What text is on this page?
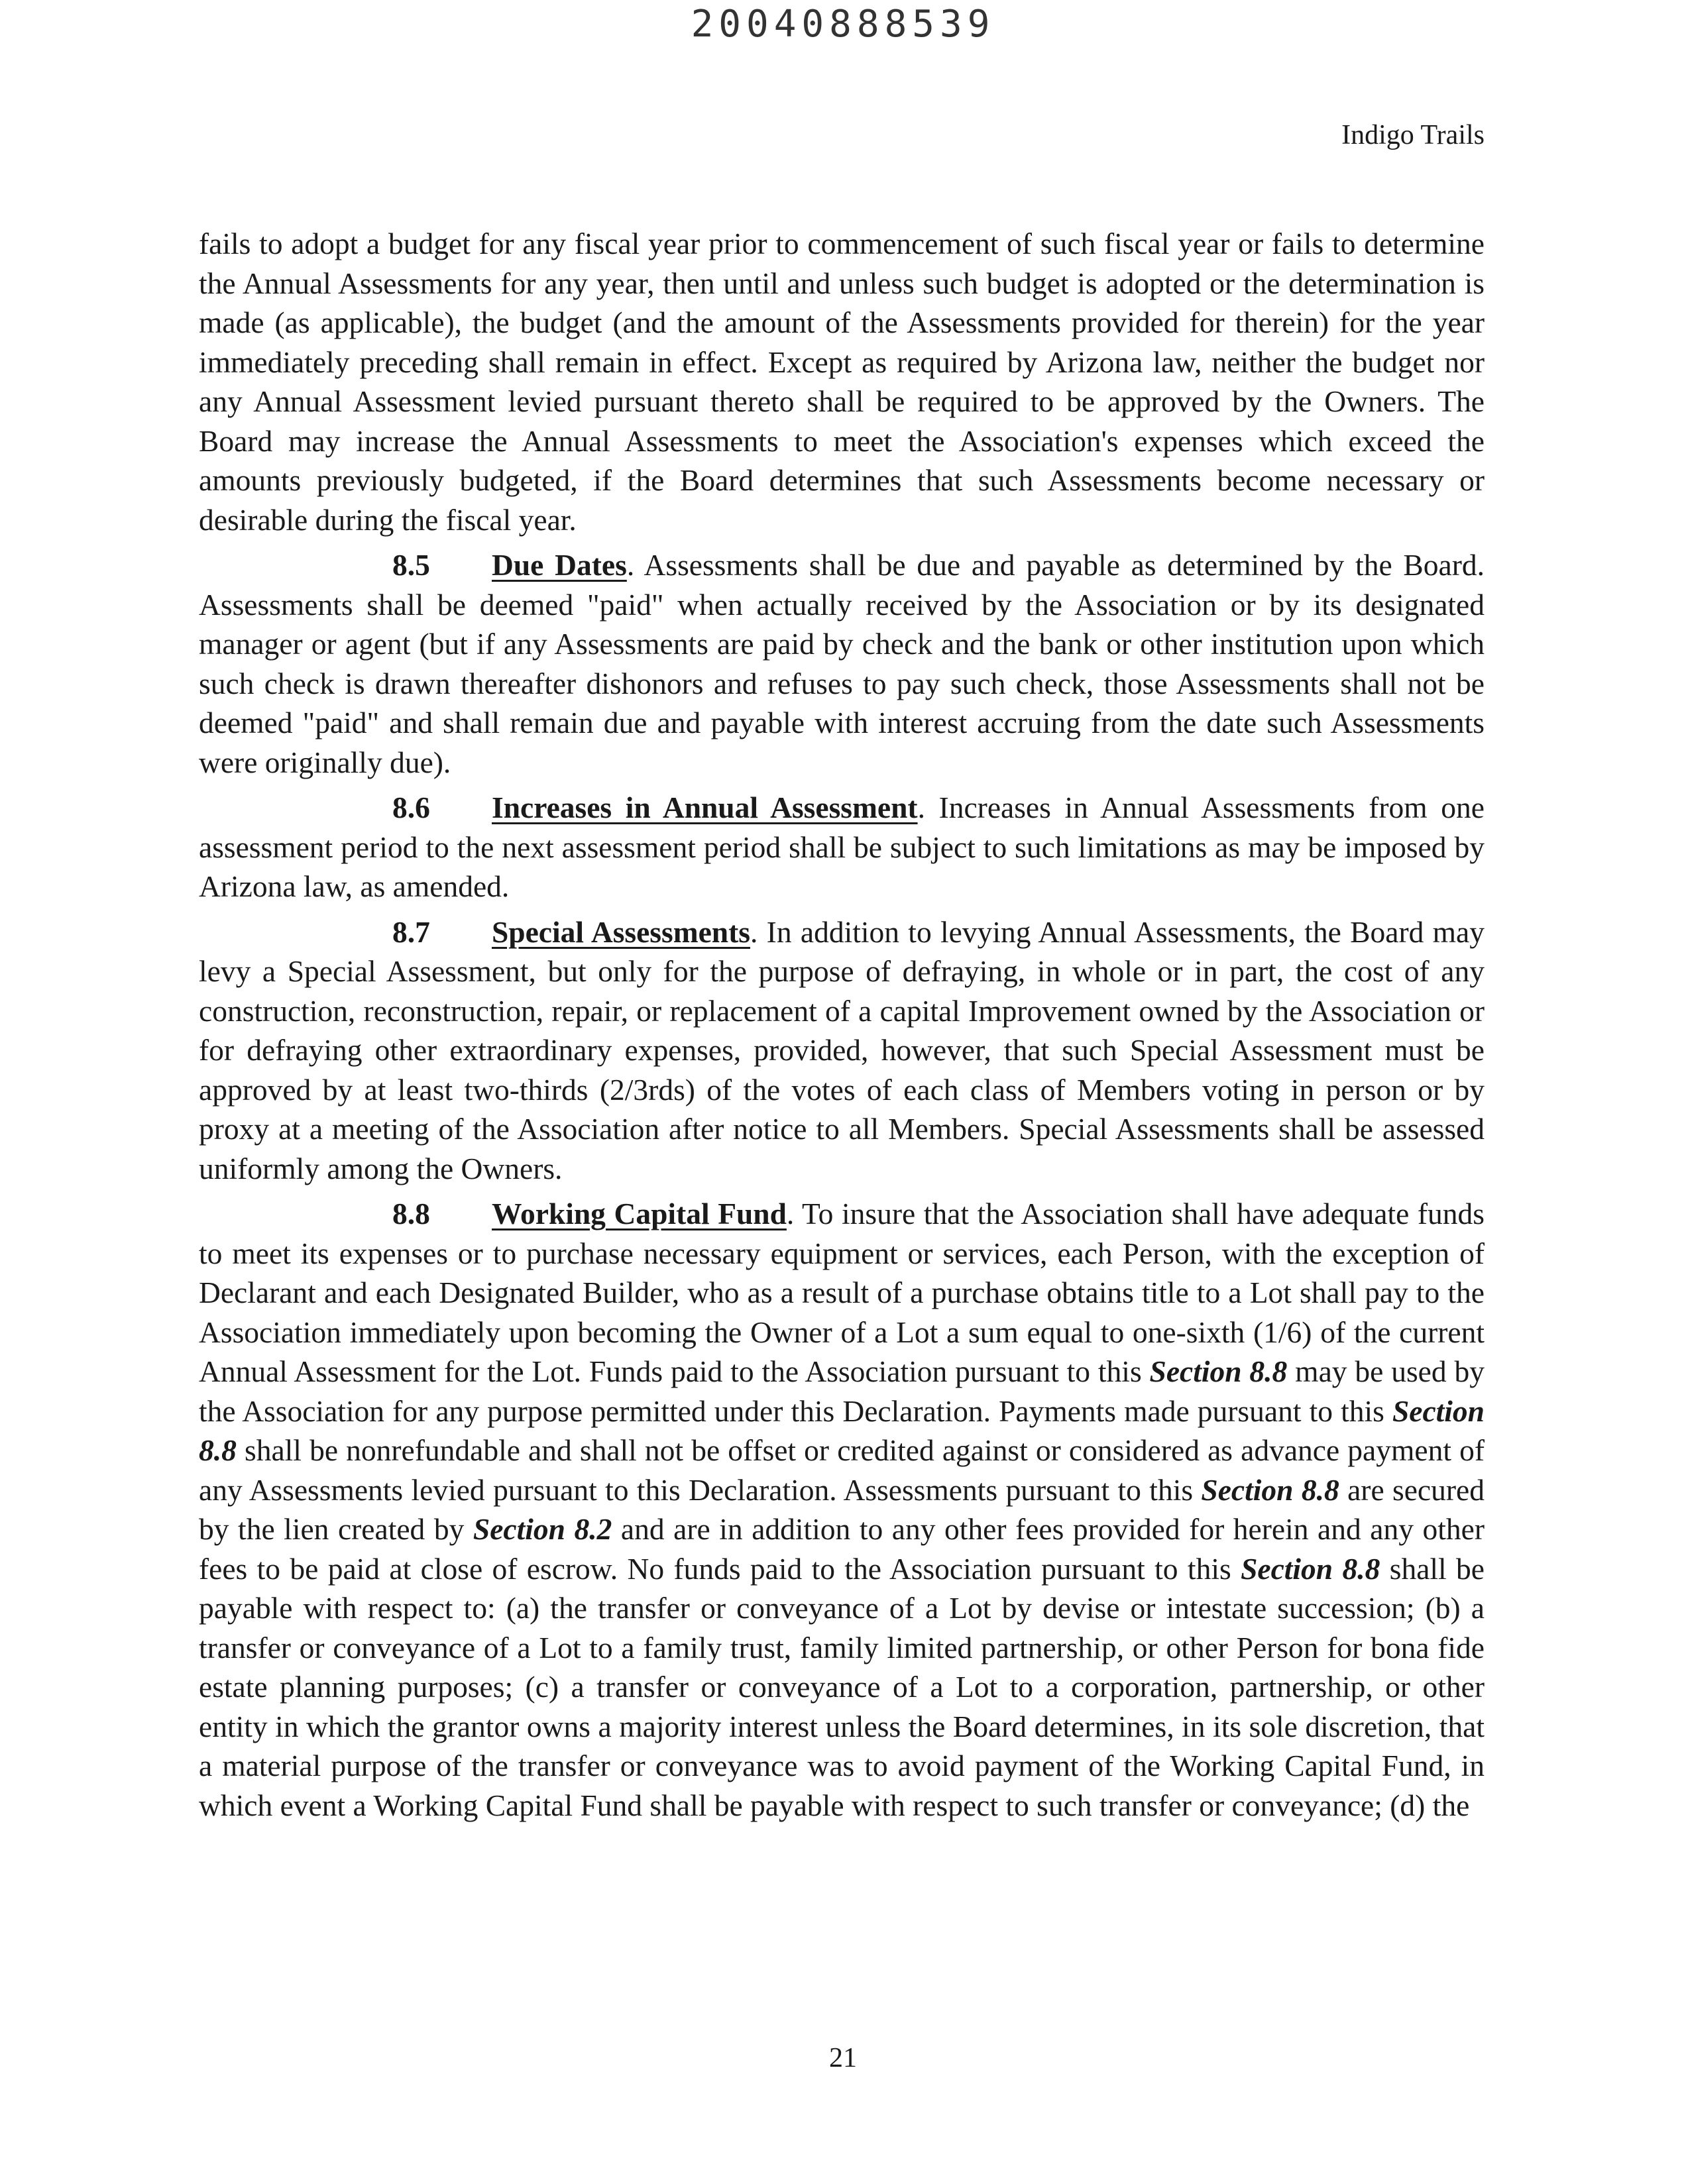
20040888539
Indigo Trails

fails to adopt a budget for any fiscal year prior to commencement of such fiscal year or fails to determine the Annual Assessments for any year, then until and unless such budget is adopted or the determination is made (as applicable), the budget (and the amount of the Assessments provided for therein) for the year immediately preceding shall remain in effect. Except as required by Arizona law, neither the budget nor any Annual Assessment levied pursuant thereto shall be required to be approved by the Owners. The Board may increase the Annual Assessments to meet the Association's expenses which exceed the amounts previously budgeted, if the Board determines that such Assessments become necessary or desirable during the fiscal year.

8.5 Due Dates. Assessments shall be due and payable as determined by the Board. Assessments shall be deemed "paid" when actually received by the Association or by its designated manager or agent (but if any Assessments are paid by check and the bank or other institution upon which such check is drawn thereafter dishonors and refuses to pay such check, those Assessments shall not be deemed "paid" and shall remain due and payable with interest accruing from the date such Assessments were originally due).

8.6 Increases in Annual Assessment. Increases in Annual Assessments from one assessment period to the next assessment period shall be subject to such limitations as may be imposed by Arizona law, as amended.

8.7 Special Assessments. In addition to levying Annual Assessments, the Board may levy a Special Assessment, but only for the purpose of defraying, in whole or in part, the cost of any construction, reconstruction, repair, or replacement of a capital Improvement owned by the Association or for defraying other extraordinary expenses, provided, however, that such Special Assessment must be approved by at least two-thirds (2/3rds) of the votes of each class of Members voting in person or by proxy at a meeting of the Association after notice to all Members. Special Assessments shall be assessed uniformly among the Owners.

8.8 Working Capital Fund. To insure that the Association shall have adequate funds to meet its expenses or to purchase necessary equipment or services, each Person, with the exception of Declarant and each Designated Builder, who as a result of a purchase obtains title to a Lot shall pay to the Association immediately upon becoming the Owner of a Lot a sum equal to one-sixth (1/6) of the current Annual Assessment for the Lot. Funds paid to the Association pursuant to this Section 8.8 may be used by the Association for any purpose permitted under this Declaration. Payments made pursuant to this Section 8.8 shall be nonrefundable and shall not be offset or credited against or considered as advance payment of any Assessments levied pursuant to this Declaration. Assessments pursuant to this Section 8.8 are secured by the lien created by Section 8.2 and are in addition to any other fees provided for herein and any other fees to be paid at close of escrow. No funds paid to the Association pursuant to this Section 8.8 shall be payable with respect to: (a) the transfer or conveyance of a Lot by devise or intestate succession; (b) a transfer or conveyance of a Lot to a family trust, family limited partnership, or other Person for bona fide estate planning purposes; (c) a transfer or conveyance of a Lot to a corporation, partnership, or other entity in which the grantor owns a majority interest unless the Board determines, in its sole discretion, that a material purpose of the transfer or conveyance was to avoid payment of the Working Capital Fund, in which event a Working Capital Fund shall be payable with respect to such transfer or conveyance; (d) the

21
